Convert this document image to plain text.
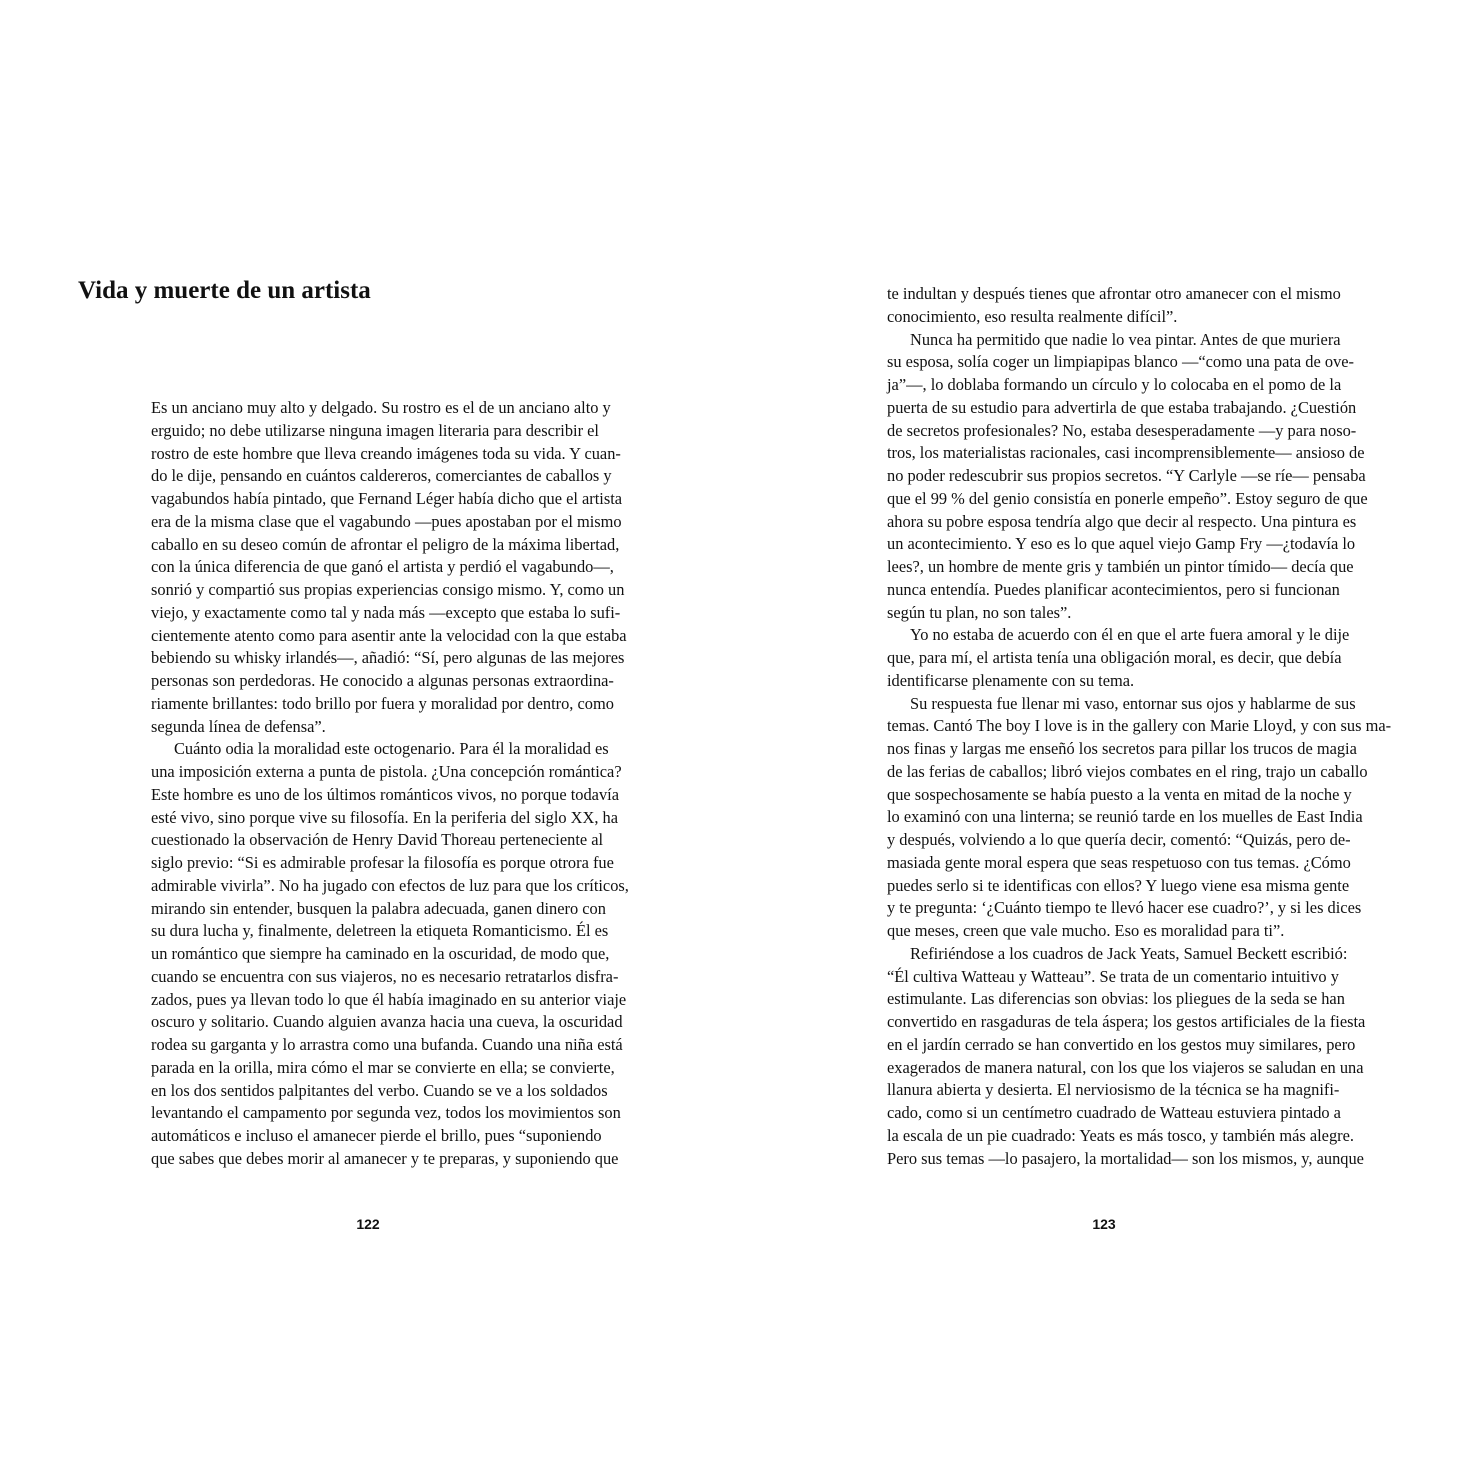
Vida y muerte de un artista
Es un anciano muy alto y delgado. Su rostro es el de un anciano alto y
erguido; no debe utilizarse ninguna imagen literaria para describir el
rostro de este hombre que lleva creando imágenes toda su vida. Y cuan-
do le dije, pensando en cuántos caldereros, comerciantes de caballos y
vagabundos había pintado, que Fernand Léger había dicho que el artista
era de la misma clase que el vagabundo —pues apostaban por el mismo
caballo en su deseo común de afrontar el peligro de la máxima libertad,
con la única diferencia de que ganó el artista y perdió el vagabundo—,
sonrió y compartió sus propias experiencias consigo mismo. Y, como un
viejo, y exactamente como tal y nada más —excepto que estaba lo sufi-
cientemente atento como para asentir ante la velocidad con la que estaba
bebiendo su whisky irlandés—, añadió: “Sí, pero algunas de las mejores
personas son perdedoras. He conocido a algunas personas extraordina-
riamente brillantes: todo brillo por fuera y moralidad por dentro, como
segunda línea de defensa”.
Cuánto odia la moralidad este octogenario. Para él la moralidad es
una imposición externa a punta de pistola. ¿Una concepción romántica?
Este hombre es uno de los últimos románticos vivos, no porque todavía
esté vivo, sino porque vive su filosofía. En la periferia del siglo XX, ha
cuestionado la observación de Henry David Thoreau perteneciente al
siglo previo: “Si es admirable profesar la filosofía es porque otrora fue
admirable vivirla”. No ha jugado con efectos de luz para que los críticos,
mirando sin entender, busquen la palabra adecuada, ganen dinero con
su dura lucha y, finalmente, deletreen la etiqueta Romanticismo. Él es
un romántico que siempre ha caminado en la oscuridad, de modo que,
cuando se encuentra con sus viajeros, no es necesario retratarlos disfra-
zados, pues ya llevan todo lo que él había imaginado en su anterior viaje
oscuro y solitario. Cuando alguien avanza hacia una cueva, la oscuridad
rodea su garganta y lo arrastra como una bufanda. Cuando una niña está
parada en la orilla, mira cómo el mar se convierte en ella; se convierte,
en los dos sentidos palpitantes del verbo. Cuando se ve a los soldados
levantando el campamento por segunda vez, todos los movimientos son
automáticos e incluso el amanecer pierde el brillo, pues “suponiendo
que sabes que debes morir al amanecer y te preparas, y suponiendo que
122
te indultan y después tienes que afrontar otro amanecer con el mismo
conocimiento, eso resulta realmente difícil”.
Nunca ha permitido que nadie lo vea pintar. Antes de que muriera
su esposa, solía coger un limpiapipas blanco —“como una pata de ove-
ja”—, lo doblaba formando un círculo y lo colocaba en el pomo de la
puerta de su estudio para advertirla de que estaba trabajando. ¿Cuestión
de secretos profesionales? No, estaba desesperadamente —y para noso-
tros, los materialistas racionales, casi incomprensiblemente— ansioso de
no poder redescubrir sus propios secretos. “Y Carlyle —se ríe— pensaba
que el 99 % del genio consistía en ponerle empeño”. Estoy seguro de que
ahora su pobre esposa tendría algo que decir al respecto. Una pintura es
un acontecimiento. Y eso es lo que aquel viejo Gamp Fry —¿todavía lo
lees?, un hombre de mente gris y también un pintor tímido— decía que
nunca entendía. Puedes planificar acontecimientos, pero si funcionan
según tu plan, no son tales”.
Yo no estaba de acuerdo con él en que el arte fuera amoral y le dije
que, para mí, el artista tenía una obligación moral, es decir, que debía
identificarse plenamente con su tema.
Su respuesta fue llenar mi vaso, entornar sus ojos y hablarme de sus
temas. Cantó The boy I love is in the gallery con Marie Lloyd, y con sus ma-
nos finas y largas me enseñó los secretos para pillar los trucos de magia
de las ferias de caballos; libró viejos combates en el ring, trajo un caballo
que sospechosamente se había puesto a la venta en mitad de la noche y
lo examinó con una linterna; se reunió tarde en los muelles de East India
y después, volviendo a lo que quería decir, comentó: “Quizás, pero de-
masiada gente moral espera que seas respetuoso con tus temas. ¿Cómo
puedes serlo si te identificas con ellos? Y luego viene esa misma gente
y te pregunta: ‘¿Cuánto tiempo te llevó hacer ese cuadro?’, y si les dices
que meses, creen que vale mucho. Eso es moralidad para ti”.
Refiriéndose a los cuadros de Jack Yeats, Samuel Beckett escribió:
“Él cultiva Watteau y Watteau”. Se trata de un comentario intuitivo y
estimulante. Las diferencias son obvias: los pliegues de la seda se han
convertido en rasgaduras de tela áspera; los gestos artificiales de la fiesta
en el jardín cerrado se han convertido en los gestos muy similares, pero
exagerados de manera natural, con los que los viajeros se saludan en una
llanura abierta y desierta. El nerviosismo de la técnica se ha magnifi-
cado, como si un centímetro cuadrado de Watteau estuviera pintado a
la escala de un pie cuadrado: Yeats es más tosco, y también más alegre.
Pero sus temas —lo pasajero, la mortalidad— son los mismos, y, aunque
123
